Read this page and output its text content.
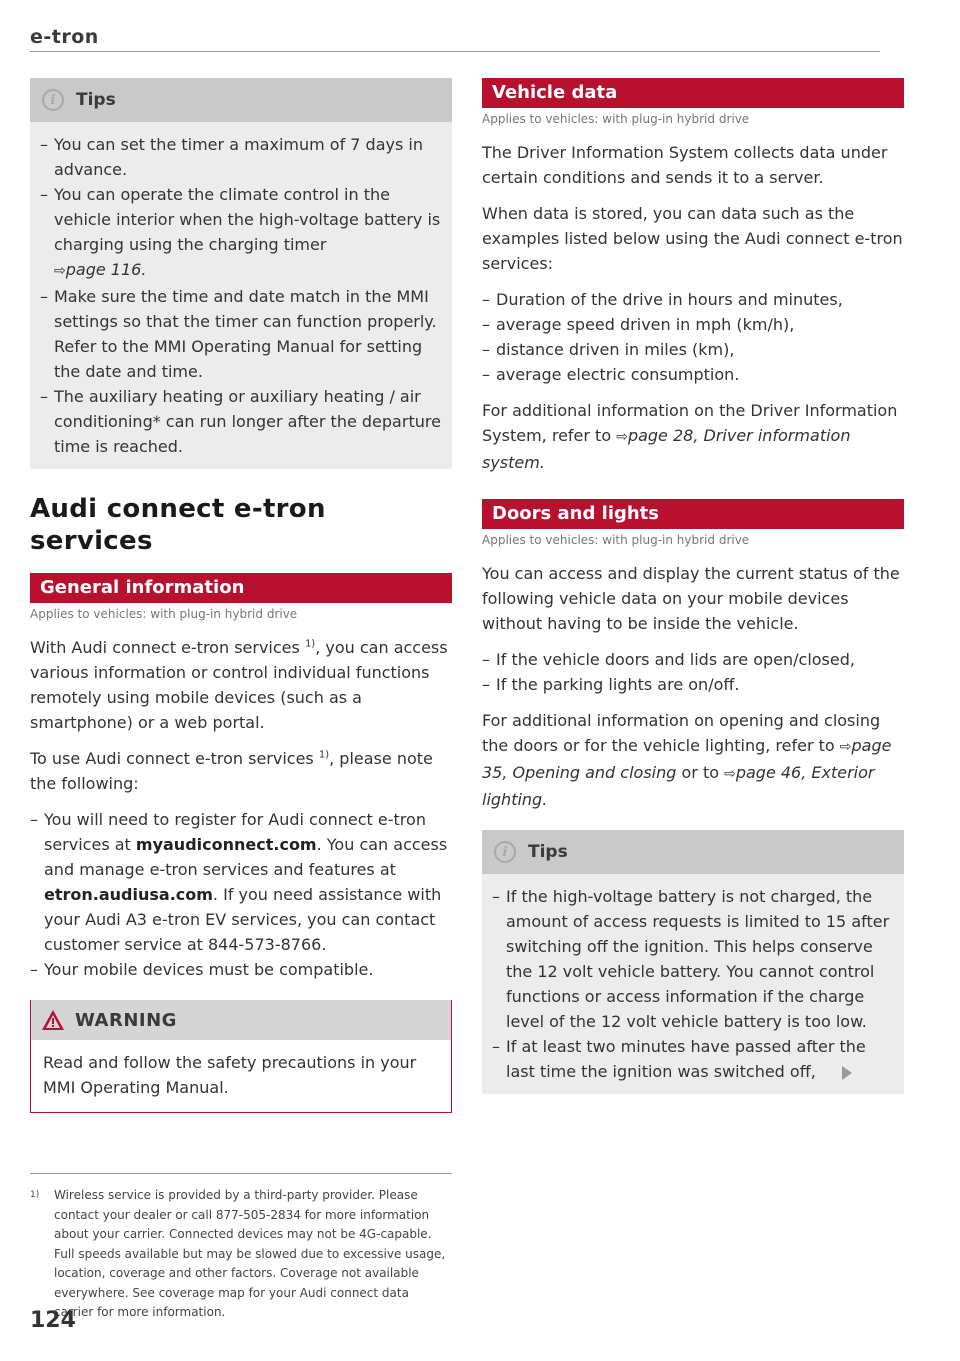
e-tron
i	Tips
– You can set the timer a maximum of 7 days in advance.
– You can operate the climate control in the vehicle interior when the high-voltage battery is charging using the charging timer
⇨page 116.
– Make sure the time and date match in the MMI settings so that the timer can function properly. Refer to the MMI Operating Manual for setting the date and time.
– The auxiliary heating or auxiliary heating / air conditioning* can run longer after the departure time is reached.
Audi connect e-tron services
General information
Applies to vehicles: with plug-in hybrid drive

With Audi connect e-tron services $^{1)}$, you can access various information or control individual functions remotely using mobile devices (such as a smartphone) or a web portal.

To use Audi connect e-tron services $^{1)}$, please note the following:

– You will need to register for Audi connect e-tron services at myaudiconnect.com. You can access and manage e-tron services and features at etron.audiusa.com. If you need assistance with your Audi A3 e-tron EV services, you can contact customer service at 844-573-8766.
– Your mobile devices must be compatible.
WARNING
Read and follow the safety precautions in your MMI Operating Manual.
1) Wireless service is provided by a third-party provider. Please contact your dealer or call 877-505-2834 for more information about your carrier. Connected devices may not be 4G-capable. Full speeds available but may be slowed due to excessive usage, location, coverage and other factors. Coverage not available everywhere. See coverage map for your Audi connect data carrier for more information.
Vehicle data
Applies to vehicles: with plug-in hybrid drive

The Driver Information System collects data under certain conditions and sends it to a server.

When data is stored, you can data such as the examples listed below using the Audi connect e-tron services:

– Duration of the drive in hours and minutes,
– average speed driven in mph (km/h),
– distance driven in miles (km),
– average electric consumption.

For additional information on the Driver Information System, refer to ⇨page 28, Driver information system.

Doors and lights
Applies to vehicles: with plug-in hybrid drive

You can access and display the current status of the following vehicle data on your mobile devices without having to be inside the vehicle.

– If the vehicle doors and lids are open/closed,
– If the parking lights are on/off.

For additional information on opening and closing the doors or for the vehicle lighting, refer to ⇨page 35, Opening and closing or to ⇨page 46, Exterior lighting.

i	Tips
– If the high-voltage battery is not charged, the amount of access requests is limited to 15 after switching off the ignition. This helps conserve the 12 volt vehicle battery. You cannot control functions or access information if the charge level of the 12 volt vehicle battery is too low.
– If at least two minutes have passed after the last time the ignition was switched off,
124
